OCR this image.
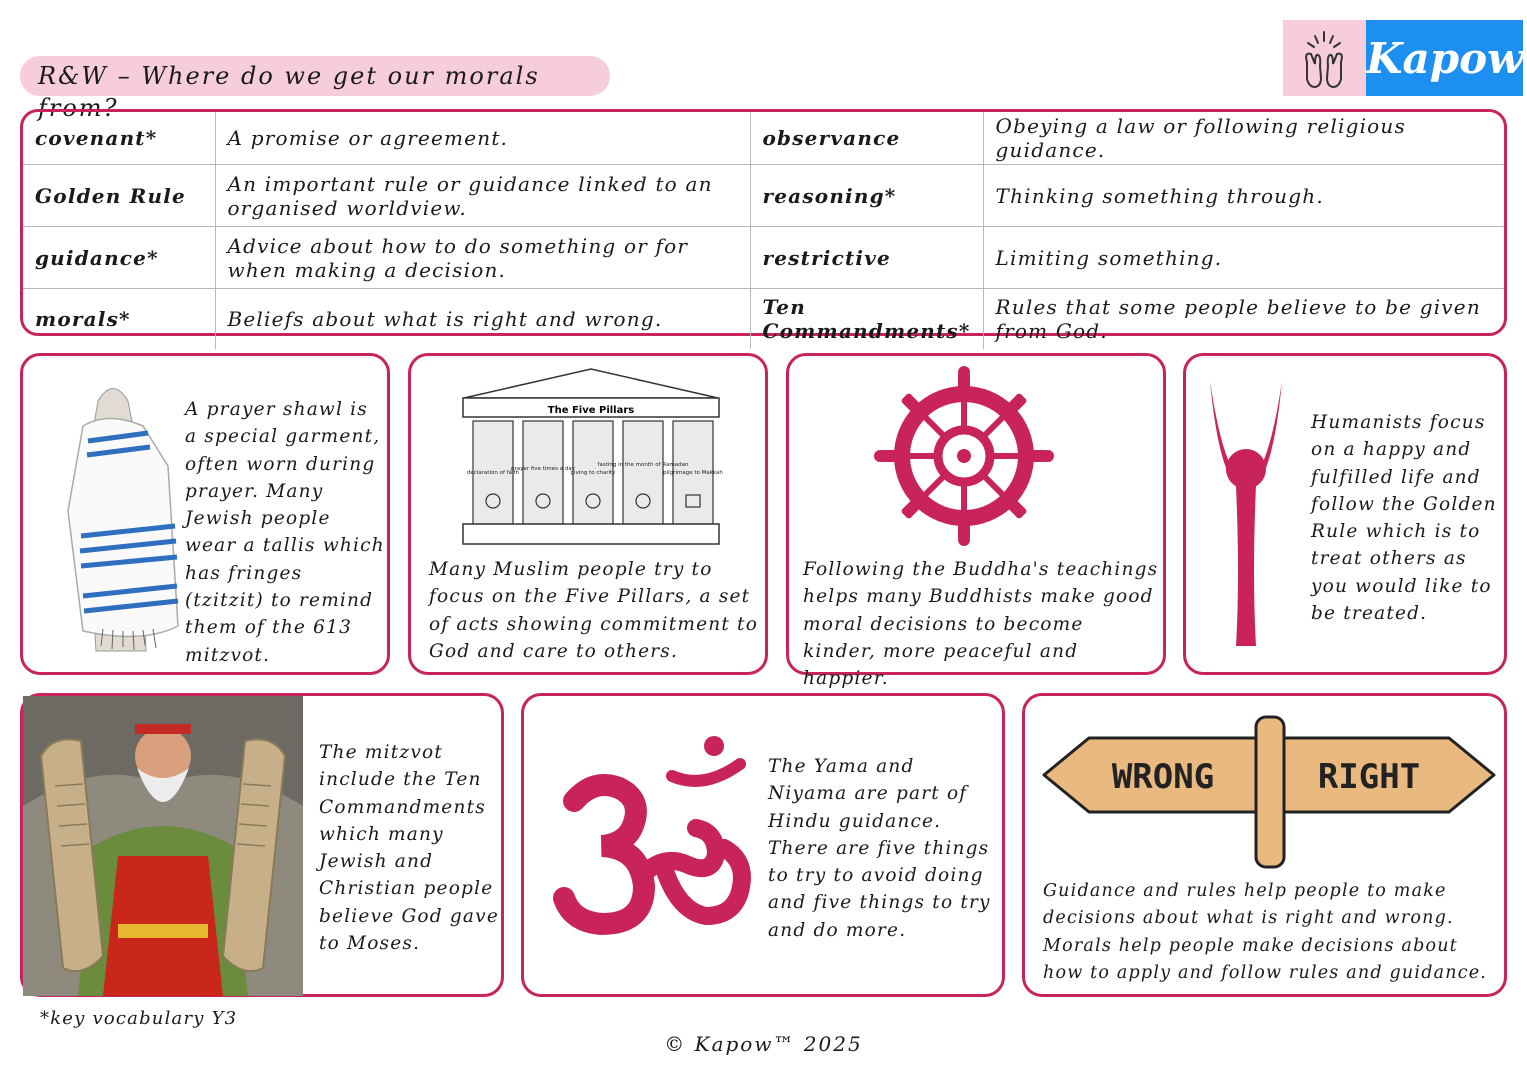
R&W – Where do we get our morals from?
Kapow
covenant*	A promise or agreement.	observance	Obeying a law or following religious guidance.
Golden Rule	An important rule or guidance linked to an organised worldview.	reasoning*	Thinking something through.
guidance*	Advice about how to do something or for when making a decision.	restrictive	Limiting something.
morals*	Beliefs about what is right and wrong.	Ten Commandments*	Rules that some people believe to be given from God.
A prayer shawl is a special garment, often worn during prayer. Many Jewish people wear a tallis which has fringes (tzitzit) to remind them of the 613 mitzvot.
The Five Pillars
declaration of faith
prayer five times a day
giving to charity
fasting in the month of Ramadan
pilgrimage to Makkah
Many Muslim people try to focus on the Five Pillars, a set of acts showing commitment to God and care to others.
Following the Buddha's teachings helps many Buddhists make good moral decisions to become kinder, more peaceful and happier.
Humanists focus on a happy and fulfilled life and follow the Golden Rule which is to treat others as you would like to be treated.
The mitzvot include the Ten Commandments which many Jewish and Christian people believe God gave to Moses.
The Yama and Niyama are part of Hindu guidance. There are five things to try to avoid doing and five things to try and do more.
WRONG	RIGHT
Guidance and rules help people to make decisions about what is right and wrong. Morals help people make decisions about how to apply and follow rules and guidance.
*key vocabulary Y3
© Kapow™ 2025
